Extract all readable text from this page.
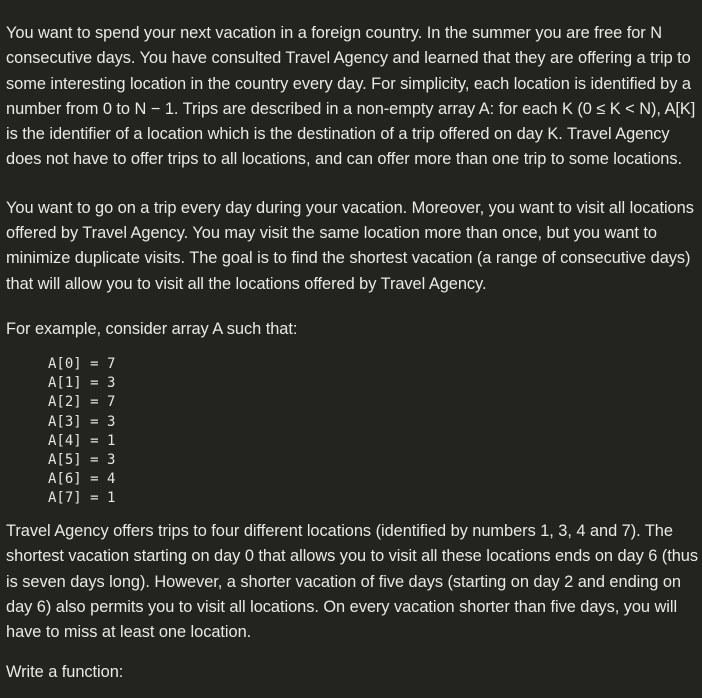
You want to spend your next vacation in a foreign country. In the summer you are free for N consecutive days. You have consulted Travel Agency and learned that they are offering a trip to some interesting location in the country every day. For simplicity, each location is identified by a number from 0 to N − 1. Trips are described in a non-empty array A: for each K (0 ≤ K < N), A[K] is the identifier of a location which is the destination of a trip offered on day K. Travel Agency does not have to offer trips to all locations, and can offer more than one trip to some locations.

You want to go on a trip every day during your vacation. Moreover, you want to visit all locations offered by Travel Agency. You may visit the same location more than once, but you want to minimize duplicate visits. The goal is to find the shortest vacation (a range of consecutive days) that will allow you to visit all the locations offered by Travel Agency.

For example, consider array A such that:

A[0] = 7
A[1] = 3
A[2] = 7
A[3] = 3
A[4] = 1
A[5] = 3
A[6] = 4
A[7] = 1

Travel Agency offers trips to four different locations (identified by numbers 1, 3, 4 and 7). The shortest vacation starting on day 0 that allows you to visit all these locations ends on day 6 (thus is seven days long). However, a shorter vacation of five days (starting on day 2 and ending on day 6) also permits you to visit all locations. On every vacation shorter than five days, you will have to miss at least one location.

Write a function:
